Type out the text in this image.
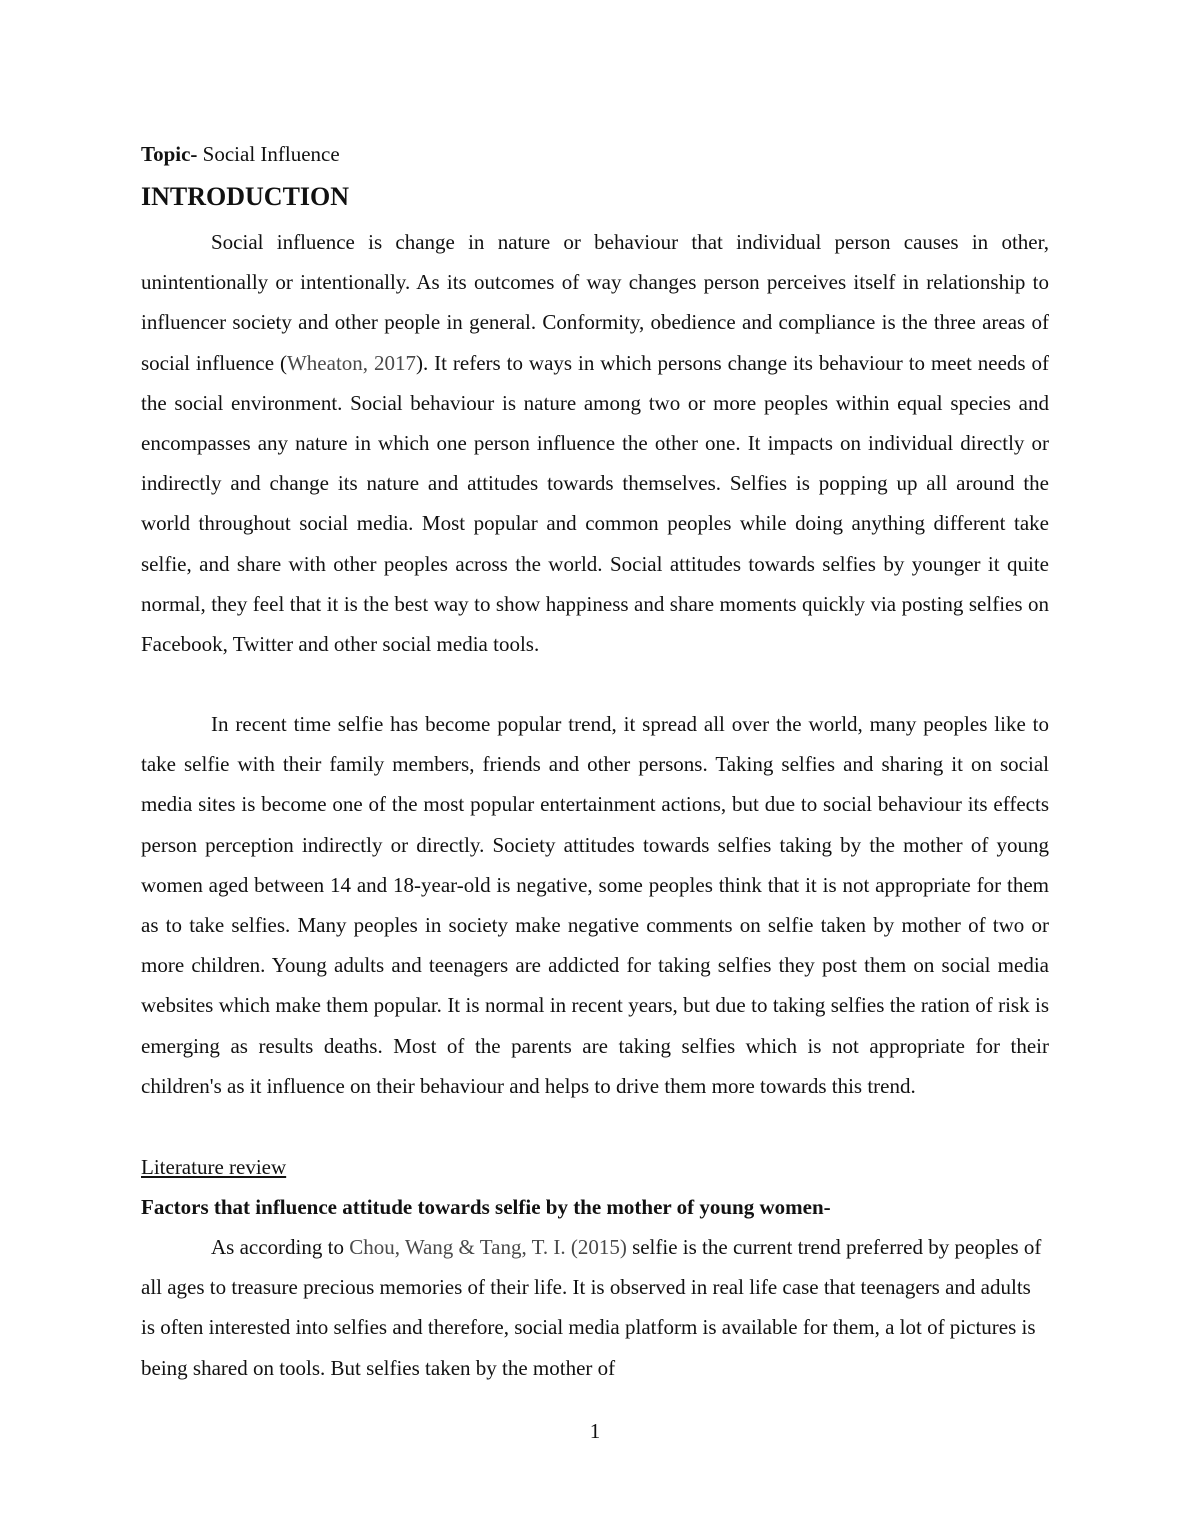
Topic- Social Influence
INTRODUCTION

Social influence is change in nature or behaviour that individual person causes in other, unintentionally or intentionally. As its outcomes of way changes person perceives itself in relationship to influencer society and other people in general. Conformity, obedience and compliance is the three areas of social influence (Wheaton, 2017). It refers to ways in which persons change its behaviour to meet needs of the social environment. Social behaviour is nature among two or more peoples within equal species and encompasses any nature in which one person influence the other one. It impacts on individual directly or indirectly and change its nature and attitudes towards themselves. Selfies is popping up all around the world throughout social media. Most popular and common peoples while doing anything different take selfie, and share with other peoples across the world. Social attitudes towards selfies by younger it quite normal, they feel that it is the best way to show happiness and share moments quickly via posting selfies on Facebook, Twitter and other social media tools.

In recent time selfie has become popular trend, it spread all over the world, many peoples like to take selfie with their family members, friends and other persons. Taking selfies and sharing it on social media sites is become one of the most popular entertainment actions, but due to social behaviour its effects person perception indirectly or directly. Society attitudes towards selfies taking by the mother of young women aged between 14 and 18-year-old is negative, some peoples think that it is not appropriate for them as to take selfies. Many peoples in society make negative comments on selfie taken by mother of two or more children. Young adults and teenagers are addicted for taking selfies they post them on social media websites which make them popular. It is normal in recent years, but due to taking selfies the ration of risk is emerging as results deaths. Most of the parents are taking selfies which is not appropriate for their children's as it influence on their behaviour and helps to drive them more towards this trend.

Literature review
Factors that influence attitude towards selfie by the mother of young women-

As according to Chou, Wang & Tang, T. I. (2015) selfie is the current trend preferred by peoples of all ages to treasure precious memories of their life. It is observed in real life case that teenagers and adults is often interested into selfies and therefore, social media platform is available for them, a lot of pictures is being shared on tools. But selfies taken by the mother of

1
